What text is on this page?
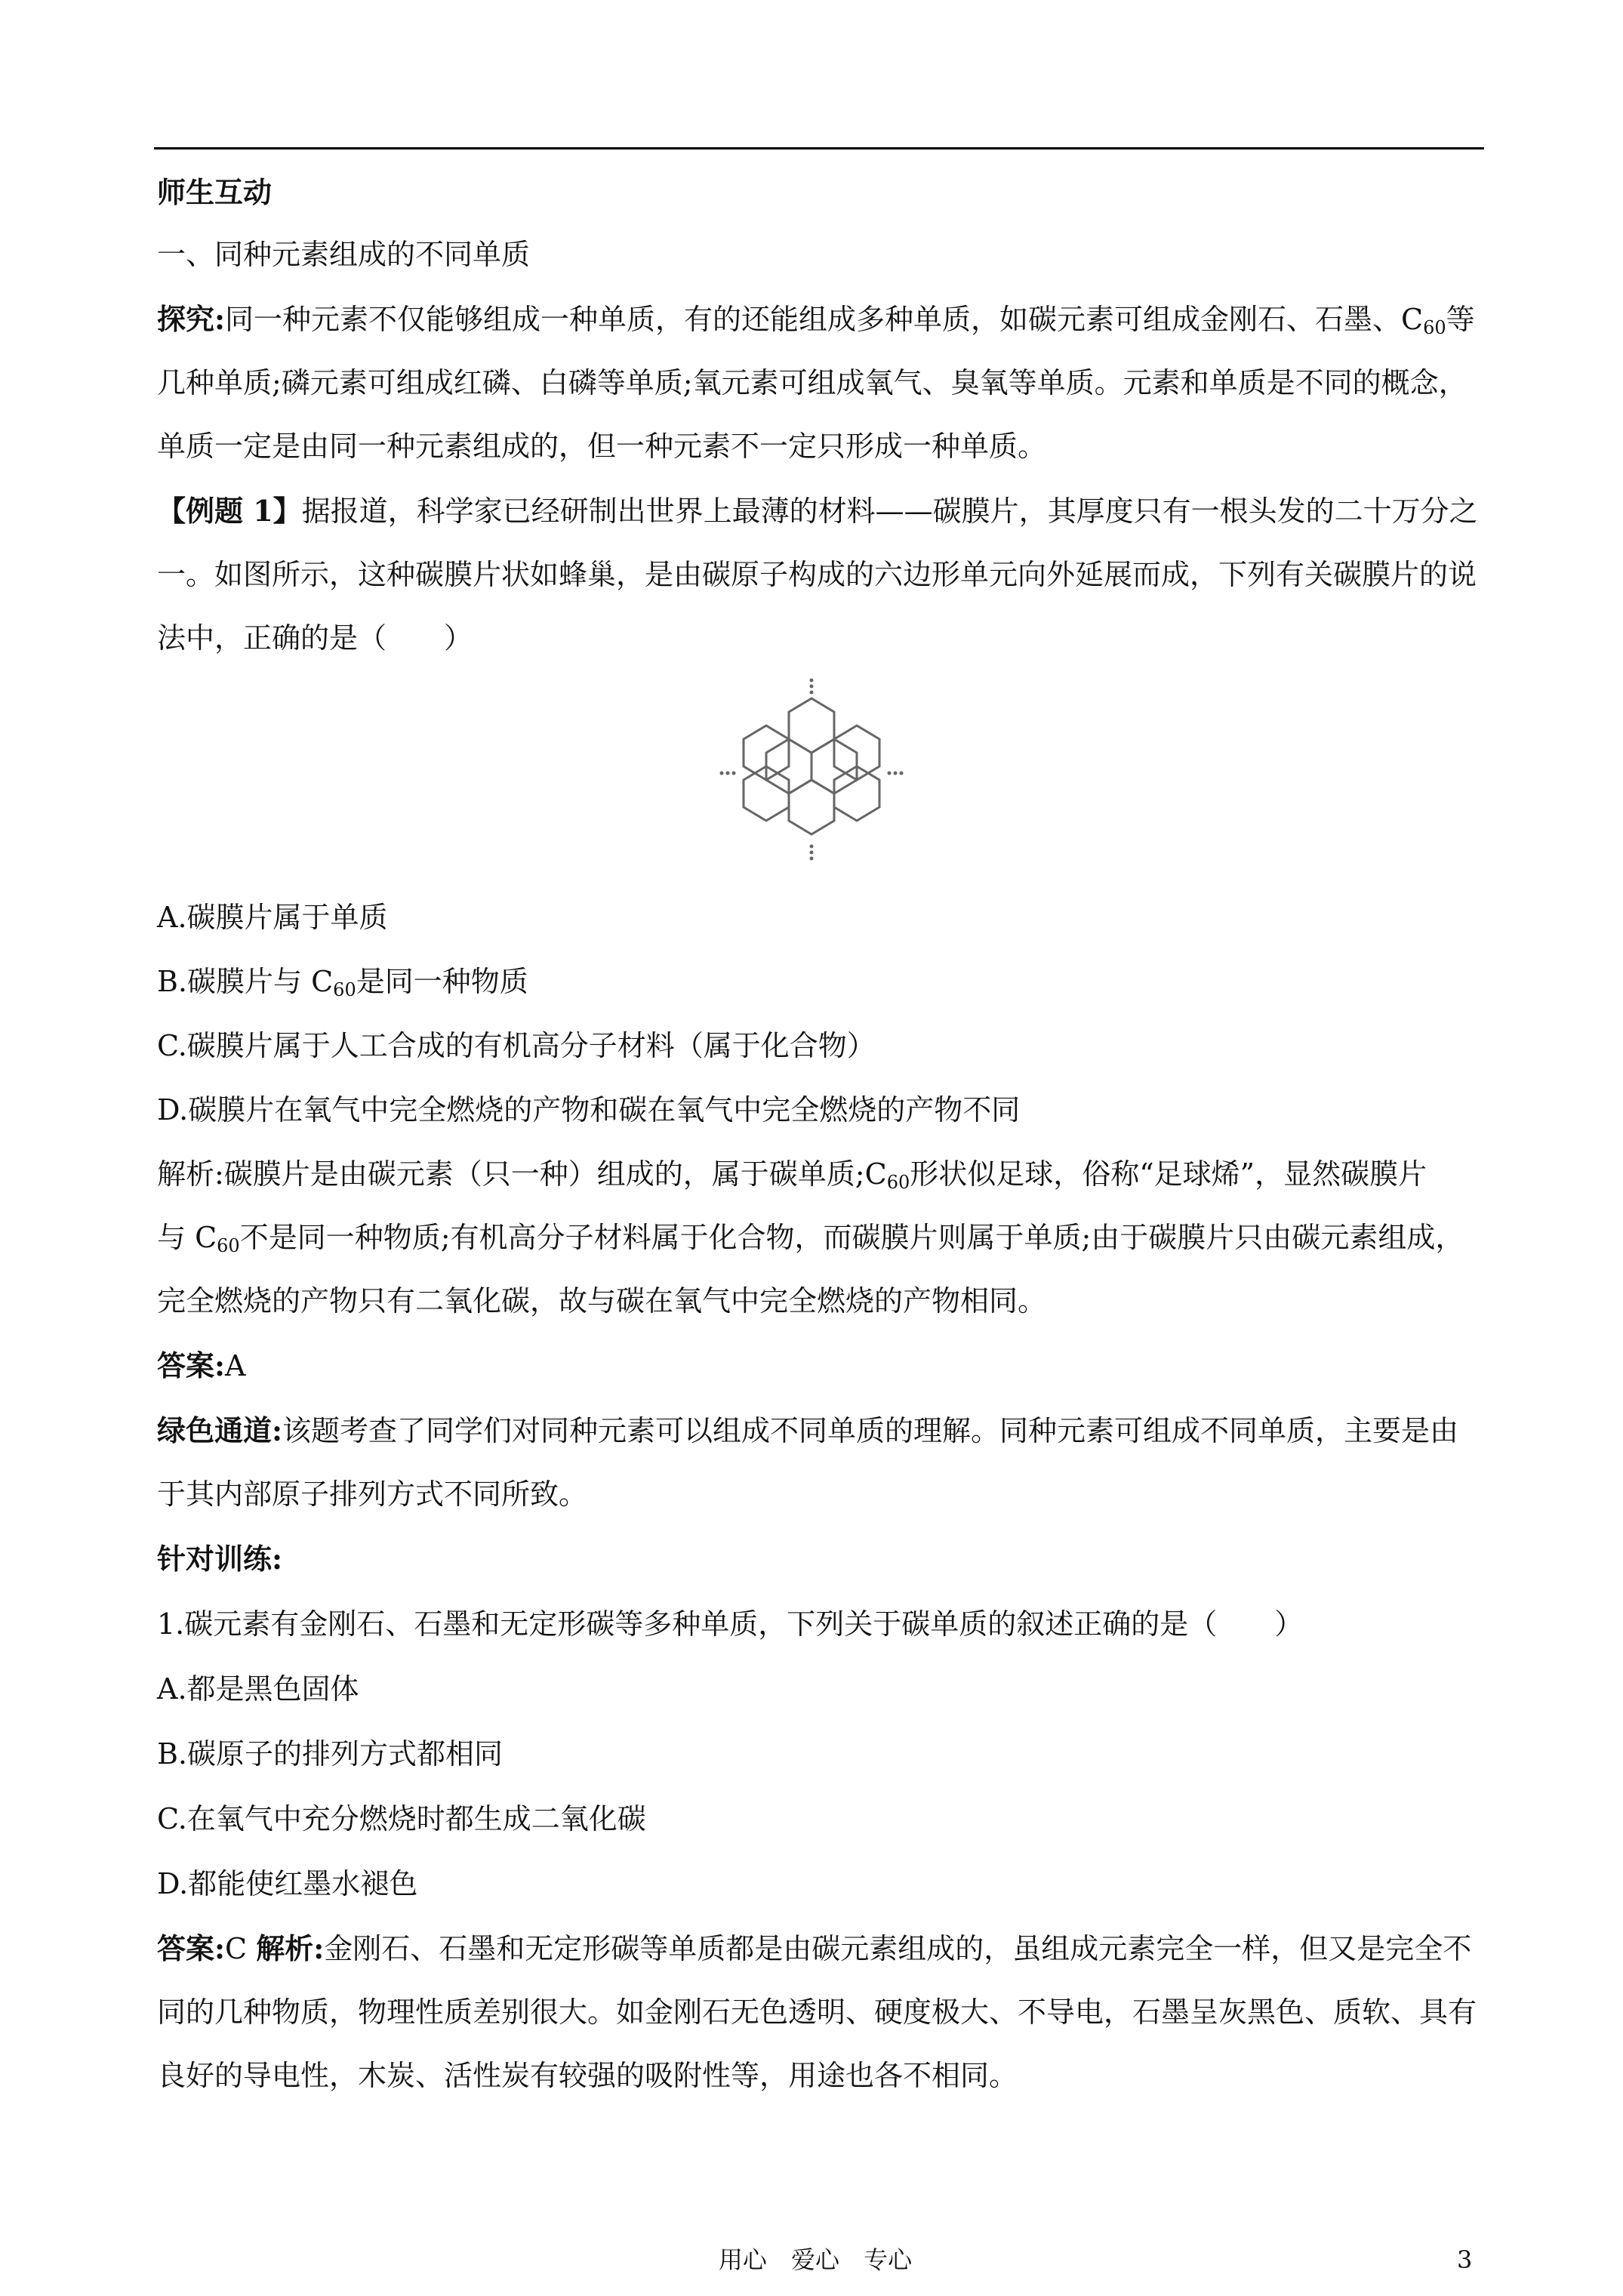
师生互动
一、同种元素组成的不同单质
探究:同一种元素不仅能够组成一种单质，有的还能组成多种单质，如碳元素可组成金刚石、石墨、$C_{60}$等
几种单质;磷元素可组成红磷、白磷等单质;氧元素可组成氧气、臭氧等单质。元素和单质是不同的概念，
单质一定是由同一种元素组成的，但一种元素不一定只形成一种单质。
【例题 1】据报道，科学家已经研制出世界上最薄的材料——碳膜片，其厚度只有一根头发的二十万分之
一。如图所示，这种碳膜片状如蜂巢，是由碳原子构成的六边形单元向外延展而成，下列有关碳膜片的说
法中，正确的是（　　）
A.碳膜片属于单质
B.碳膜片与 $C_{60}$是同一种物质
C.碳膜片属于人工合成的有机高分子材料（属于化合物）
D.碳膜片在氧气中完全燃烧的产物和碳在氧气中完全燃烧的产物不同
解析:碳膜片是由碳元素（只一种）组成的，属于碳单质$;C_{60}$形状似足球，俗称“足球烯”，显然碳膜片
与 $C_{60}$不是同一种物质;有机高分子材料属于化合物，而碳膜片则属于单质;由于碳膜片只由碳元素组成，
完全燃烧的产物只有二氧化碳，故与碳在氧气中完全燃烧的产物相同。
答案:A
绿色通道:该题考查了同学们对同种元素可以组成不同单质的理解。同种元素可组成不同单质，主要是由
于其内部原子排列方式不同所致。
针对训练:
1.碳元素有金刚石、石墨和无定形碳等多种单质，下列关于碳单质的叙述正确的是（　　）
A.都是黑色固体
B.碳原子的排列方式都相同
C.在氧气中充分燃烧时都生成二氧化碳
D.都能使红墨水褪色
答案:C 解析:金刚石、石墨和无定形碳等单质都是由碳元素组成的，虽组成元素完全一样，但又是完全不
同的几种物质，物理性质差别很大。如金刚石无色透明、硬度极大、不导电，石墨呈灰黑色、质软、具有
良好的导电性，木炭、活性炭有较强的吸附性等，用途也各不相同。
用心 爱心 专心	3
